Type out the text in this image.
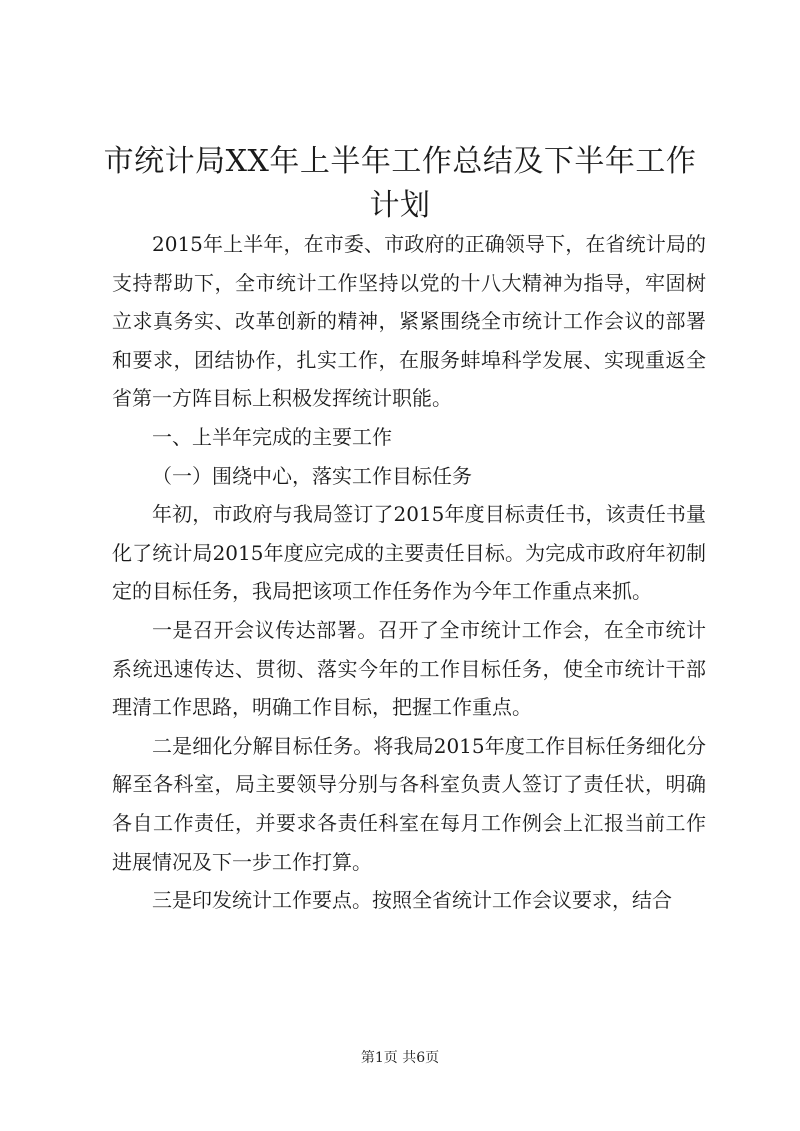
市统计局XX年上半年工作总结及下半年工作
计划

2015年上半年，在市委、市政府的正确领导下，在省统计局的支持帮助下，全市统计工作坚持以党的十八大精神为指导，牢固树立求真务实、改革创新的精神，紧紧围绕全市统计工作会议的部署和要求，团结协作，扎实工作，在服务蚌埠科学发展、实现重返全省第一方阵目标上积极发挥统计职能。

一、上半年完成的主要工作

（一）围绕中心，落实工作目标任务

年初，市政府与我局签订了2015年度目标责任书，该责任书量化了统计局2015年度应完成的主要责任目标。为完成市政府年初制定的目标任务，我局把该项工作任务作为今年工作重点来抓。

一是召开会议传达部署。召开了全市统计工作会，在全市统计系统迅速传达、贯彻、落实今年的工作目标任务，使全市统计干部理清工作思路，明确工作目标，把握工作重点。

二是细化分解目标任务。将我局2015年度工作目标任务细化分解至各科室，局主要领导分别与各科室负责人签订了责任状，明确各自工作责任，并要求各责任科室在每月工作例会上汇报当前工作进展情况及下一步工作打算。

三是印发统计工作要点。按照全省统计工作会议要求，结合

第1页 共6页
